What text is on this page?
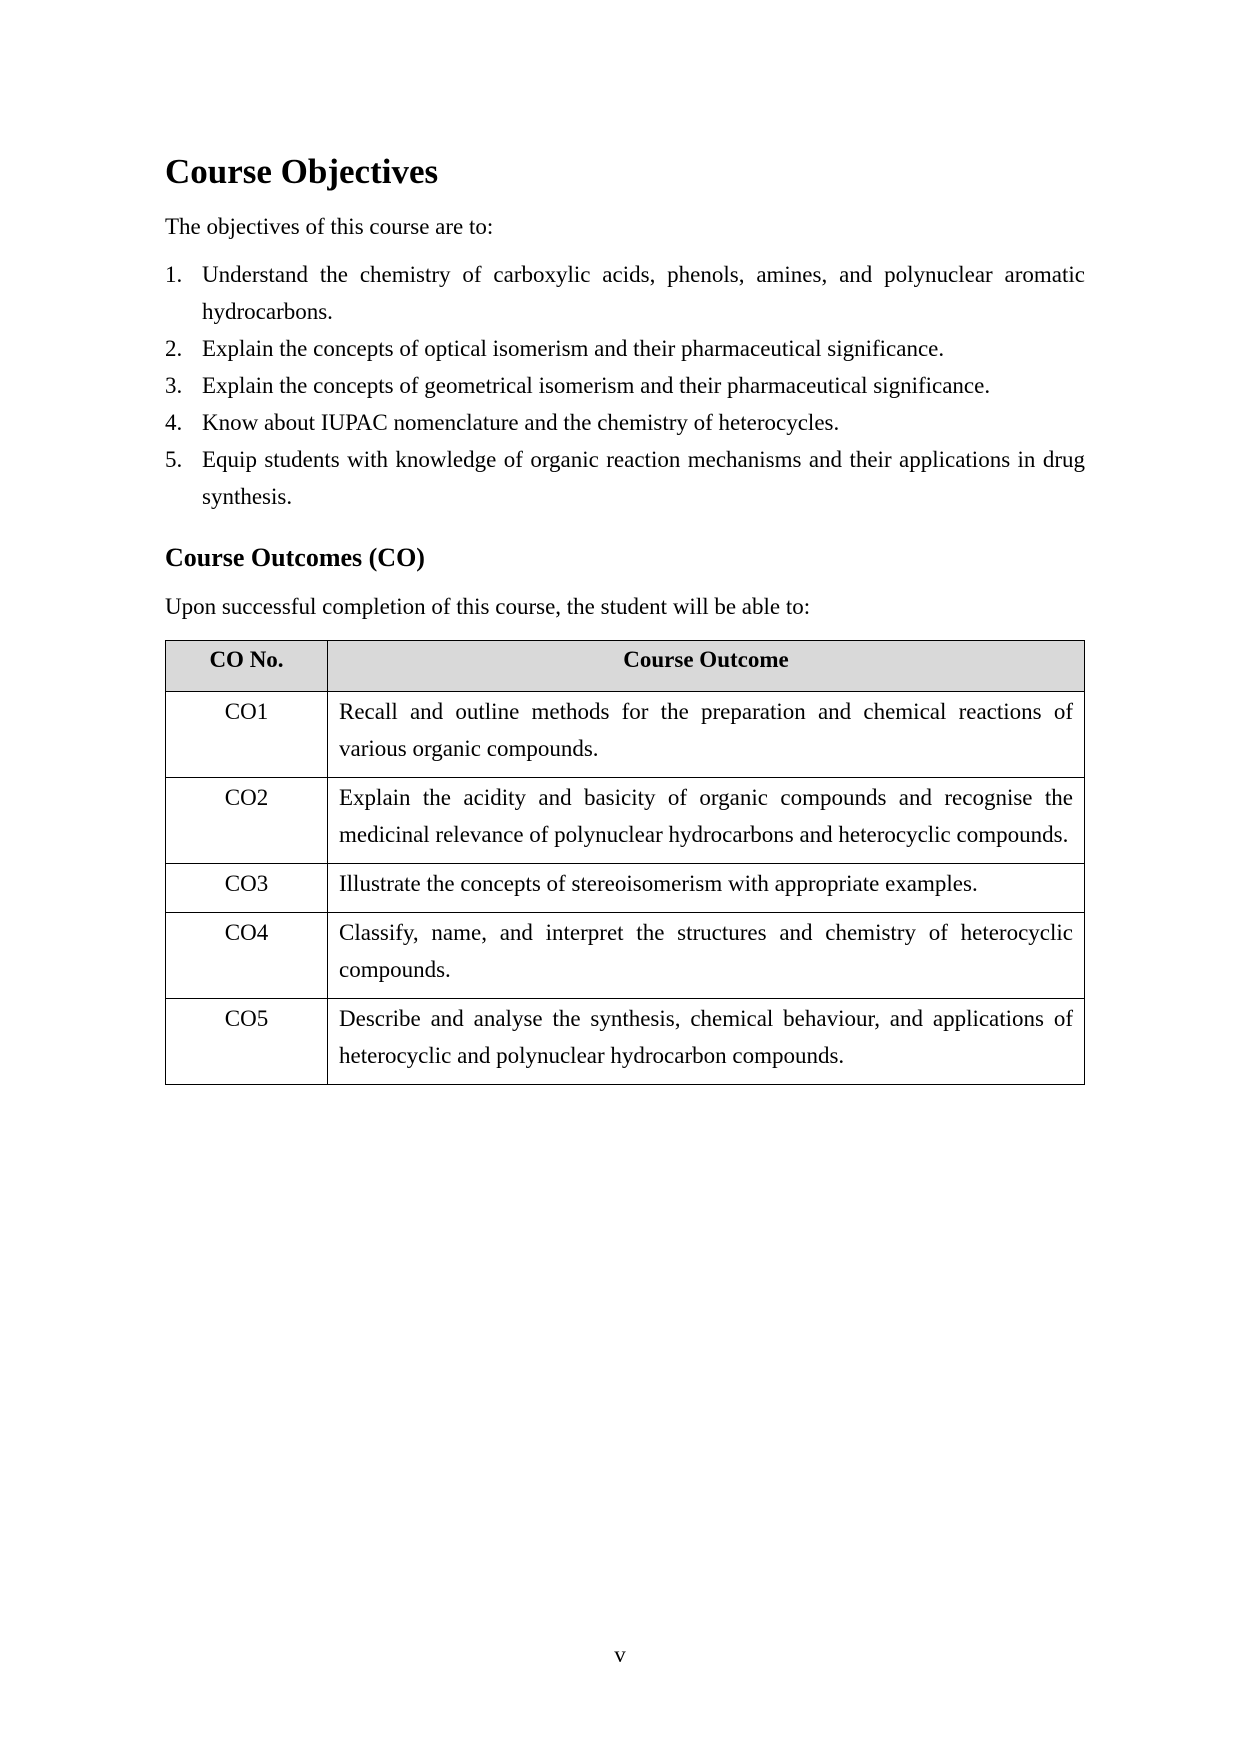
Course Objectives

The objectives of this course are to:

1. Understand the chemistry of carboxylic acids, phenols, amines, and polynuclear aromatic hydrocarbons.
2. Explain the concepts of optical isomerism and their pharmaceutical significance.
3. Explain the concepts of geometrical isomerism and their pharmaceutical significance.
4. Know about IUPAC nomenclature and the chemistry of heterocycles.
5. Equip students with knowledge of organic reaction mechanisms and their applications in drug synthesis.
Course Outcomes (CO)

Upon successful completion of this course, the student will be able to:

CO No.	Course Outcome
CO1	Recall and outline methods for the preparation and chemical reactions of various organic compounds.
CO2	Explain the acidity and basicity of organic compounds and recognise the medicinal relevance of polynuclear hydrocarbons and heterocyclic compounds.
CO3	Illustrate the concepts of stereoisomerism with appropriate examples.
CO4	Classify, name, and interpret the structures and chemistry of heterocyclic compounds.
CO5	Describe and analyse the synthesis, chemical behaviour, and applications of heterocyclic and polynuclear hydrocarbon compounds.
v
